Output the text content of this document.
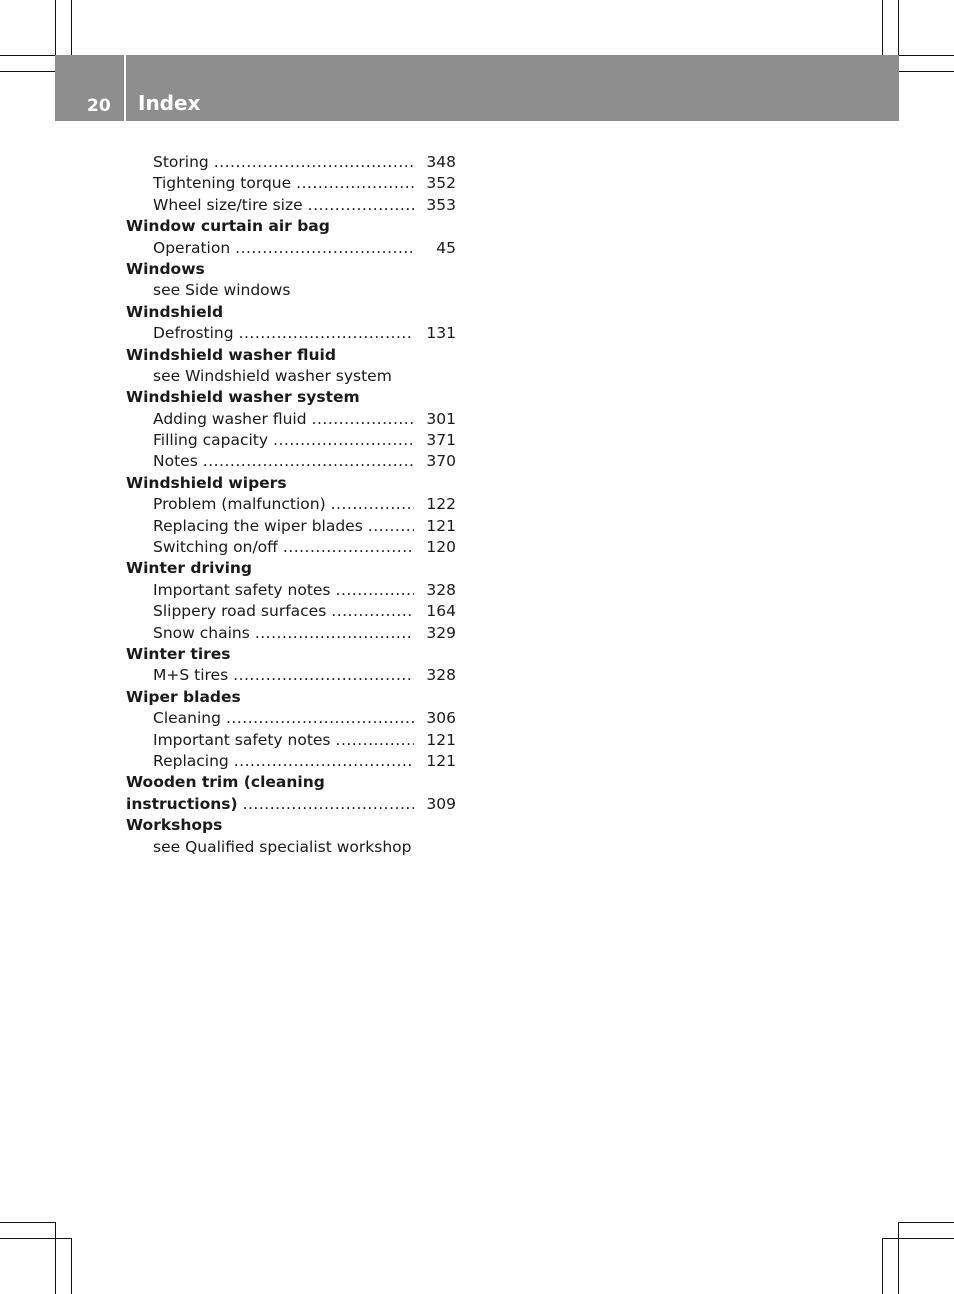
20 Index
Storing .....	348
Tightening torque .....	352
Wheel size/tire size .....	353
Window curtain air bag
Operation .....	45
Windows
see Side windows
Windshield
Defrosting .....	131
Windshield washer fluid
see Windshield washer system
Windshield washer system
Adding washer fluid .....	301
Filling capacity .....	371
Notes .....	370
Windshield wipers
Problem (malfunction) .....	122
Replacing the wiper blades .....	121
Switching on/off .....	120
Winter driving
Important safety notes .....	328
Slippery road surfaces .....	164
Snow chains .....	329
Winter tires
M+S tires .....	328
Wiper blades
Cleaning .....	306
Important safety notes .....	121
Replacing .....	121
Wooden trim (cleaning
instructions) .....	309
Workshops
see Qualified specialist workshop
